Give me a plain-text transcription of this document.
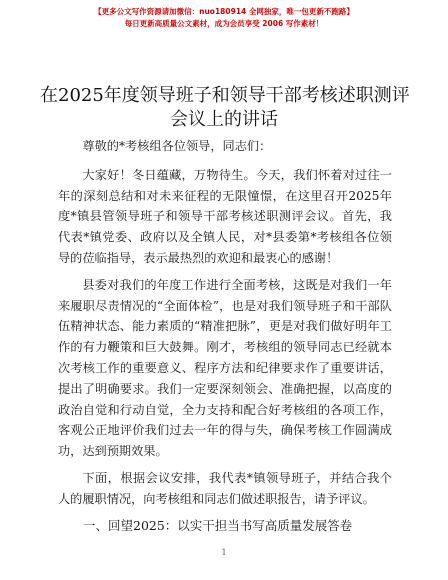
【更多公文写作资源请加微信：nuo180914 全网独家，唯一包更新不跑路】
每日更新高质量公文素材，成为会员享受 2006 写作素材！
在2025年度领导班子和领导干部考核述职测评
会议上的讲话

尊敬的*考核组各位领导，同志们：

大家好！冬日蕴藏，万物待生。今天，我们怀着对过往一年的深刻总结和对未来征程的无限憧憬，在这里召开2025年度*镇县管领导班子和领导干部考核述职测评会议。首先，我代表*镇党委、政府以及全镇人民，对*县委第*考核组各位领导的莅临指导，表示最热烈的欢迎和最衷心的感谢！

县委对我们的年度工作进行全面考核，这既是对我们一年来履职尽责情况的“全面体检”，也是对我们领导班子和干部队伍精神状态、能力素质的“精准把脉”，更是对我们做好明年工作的有力鞭策和巨大鼓舞。刚才，考核组的领导同志已经就本次考核工作的重要意义、程序方法和纪律要求作了重要讲话，提出了明确要求。我们一定要深刻领会、准确把握，以高度的政治自觉和行动自觉，全力支持和配合好考核组的各项工作，客观公正地评价我们过去一年的得与失，确保考核工作圆满成功，达到预期效果。

下面，根据会议安排，我代表*镇领导班子，并结合我个人的履职情况，向考核组和同志们做述职报告，请予评议。

一、回望2025：以实干担当书写高质量发展答卷

1
